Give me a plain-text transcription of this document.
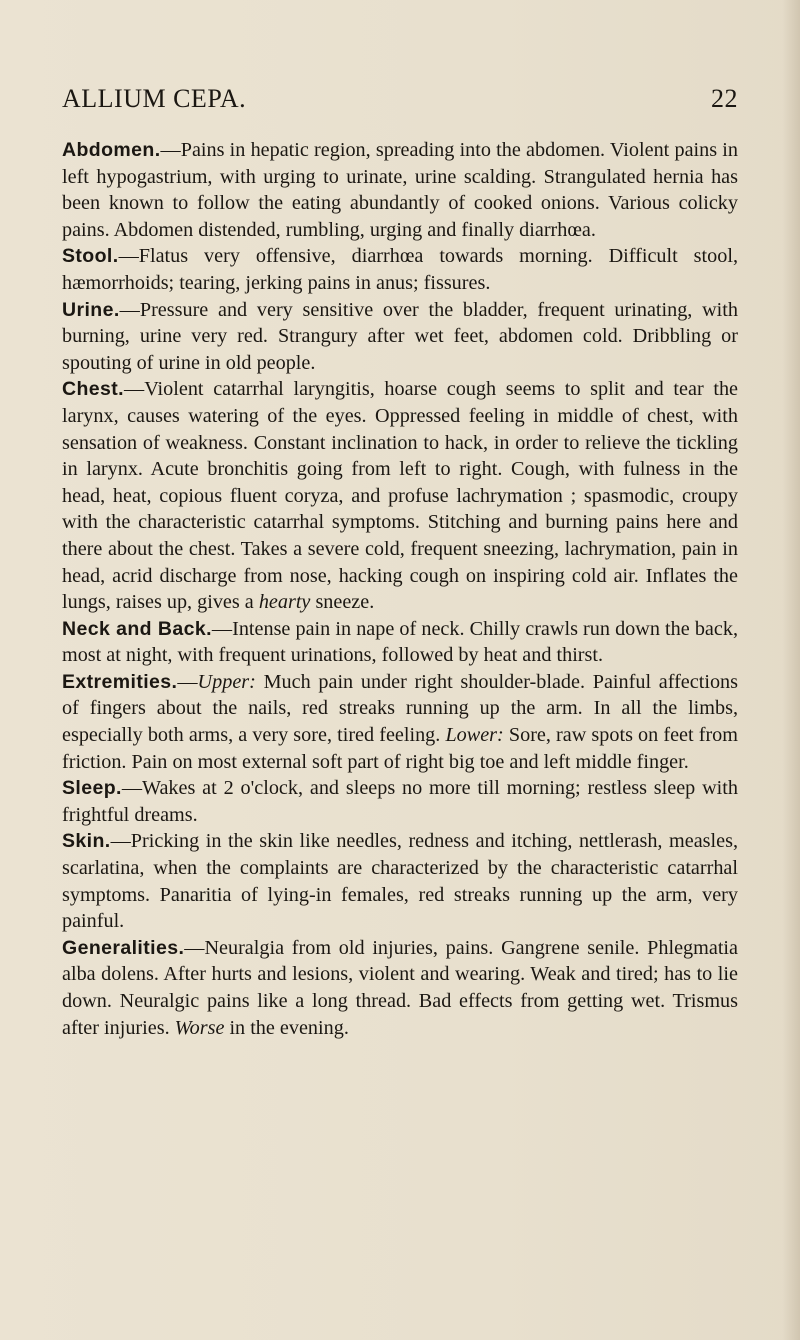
ALLIUM CEPA.	22

Abdomen.—Pains in hepatic region, spreading into the abdomen. Violent pains in left hypogastrium, with urging to urinate, urine scalding. Strangulated hernia has been known to follow the eating abundantly of cooked onions. Various colicky pains. Abdomen distended, rumbling, urging and finally diarrhœa.

Stool.—Flatus very offensive, diarrhœa towards morning. Difficult stool, hæmorrhoids; tearing, jerking pains in anus; fissures.

Urine.—Pressure and very sensitive over the bladder, frequent urinating, with burning, urine very red. Strangury after wet feet, abdomen cold. Dribbling or spouting of urine in old people.

Chest.—Violent catarrhal laryngitis, hoarse cough seems to split and tear the larynx, causes watering of the eyes. Oppressed feeling in middle of chest, with sensation of weakness. Constant inclination to hack, in order to relieve the tickling in larynx. Acute bronchitis going from left to right. Cough, with fulness in the head, heat, copious fluent coryza, and profuse lachrymation ; spasmodic, croupy with the characteristic catarrhal symptoms. Stitching and burning pains here and there about the chest. Takes a severe cold, frequent sneezing, lachrymation, pain in head, acrid discharge from nose, hacking cough on inspiring cold air. Inflates the lungs, raises up, gives a hearty sneeze.

Neck and Back.—Intense pain in nape of neck. Chilly crawls run down the back, most at night, with frequent urinations, followed by heat and thirst.

Extremities.—Upper: Much pain under right shoulder-blade. Painful affections of fingers about the nails, red streaks running up the arm. In all the limbs, especially both arms, a very sore, tired feeling. Lower: Sore, raw spots on feet from friction. Pain on most external soft part of right big toe and left middle finger.

Sleep.—Wakes at 2 o'clock, and sleeps no more till morning; restless sleep with frightful dreams.

Skin.—Pricking in the skin like needles, redness and itching, nettlerash, measles, scarlatina, when the complaints are characterized by the characteristic catarrhal symptoms. Panaritia of lying-in females, red streaks running up the arm, very painful.

Generalities.—Neuralgia from old injuries, pains. Gangrene senile. Phlegmatia alba dolens. After hurts and lesions, violent and wearing. Weak and tired; has to lie down. Neuralgic pains like a long thread. Bad effects from getting wet. Trismus after injuries. Worse in the evening.
